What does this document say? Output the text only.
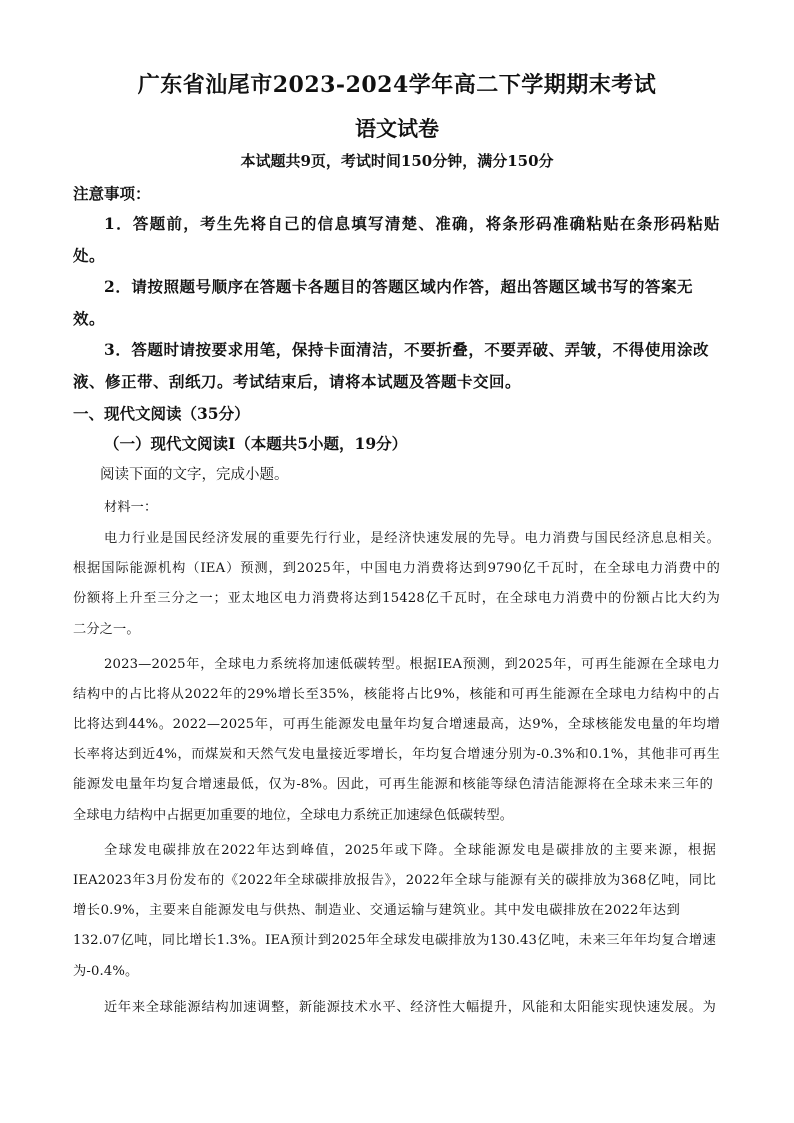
广东省汕尾市2023-2024学年高二下学期期末考试
语文试卷
本试题共9页，考试时间150分钟，满分150分
注意事项：
1．答题前，考生先将自己的信息填写清楚、准确，将条形码准确粘贴在条形码粘贴
处。
2．请按照题号顺序在答题卡各题目的答题区域内作答，超出答题区域书写的答案无
效。
3．答题时请按要求用笔，保持卡面清洁，不要折叠，不要弄破、弄皱，不得使用涂改
液、修正带、刮纸刀。考试结束后，请将本试题及答题卡交回。
一、现代文阅读（35分）
（一）现代文阅读Ⅰ（本题共5小题，19分）
阅读下面的文字，完成小题。
材料一：
电力行业是国民经济发展的重要先行行业，是经济快速发展的先导。电力消费与国民经济息息相关。
根据国际能源机构（IEA）预测，到2025年，中国电力消费将达到9790亿千瓦时，在全球电力消费中的
份额将上升至三分之一；亚太地区电力消费将达到15428亿千瓦时，在全球电力消费中的份额占比大约为
二分之一。
2023—2025年，全球电力系统将加速低碳转型。根据IEA预测，到2025年，可再生能源在全球电力
结构中的占比将从2022年的29%增长至35%，核能将占比9%，核能和可再生能源在全球电力结构中的占
比将达到44%。2022—2025年，可再生能源发电量年均复合增速最高，达9%，全球核能发电量的年均增
长率将达到近4%，而煤炭和天然气发电量接近零增长，年均复合增速分别为-0.3%和0.1%，其他非可再生
能源发电量年均复合增速最低，仅为-8%。因此，可再生能源和核能等绿色清洁能源将在全球未来三年的
全球电力结构中占据更加重要的地位，全球电力系统正加速绿色低碳转型。
全球发电碳排放在2022年达到峰值，2025年或下降。全球能源发电是碳排放的主要来源，根据
IEA2023年3月份发布的《2022年全球碳排放报告》，2022年全球与能源有关的碳排放为368亿吨，同比
增长0.9%，主要来自能源发电与供热、制造业、交通运输与建筑业。其中发电碳排放在2022年达到
132.07亿吨，同比增长1.3%。IEA预计到2025年全球发电碳排放为130.43亿吨，未来三年年均复合增速
为-0.4%。
近年来全球能源结构加速调整，新能源技术水平、经济性大幅提升，风能和太阳能实现快速发展。为
